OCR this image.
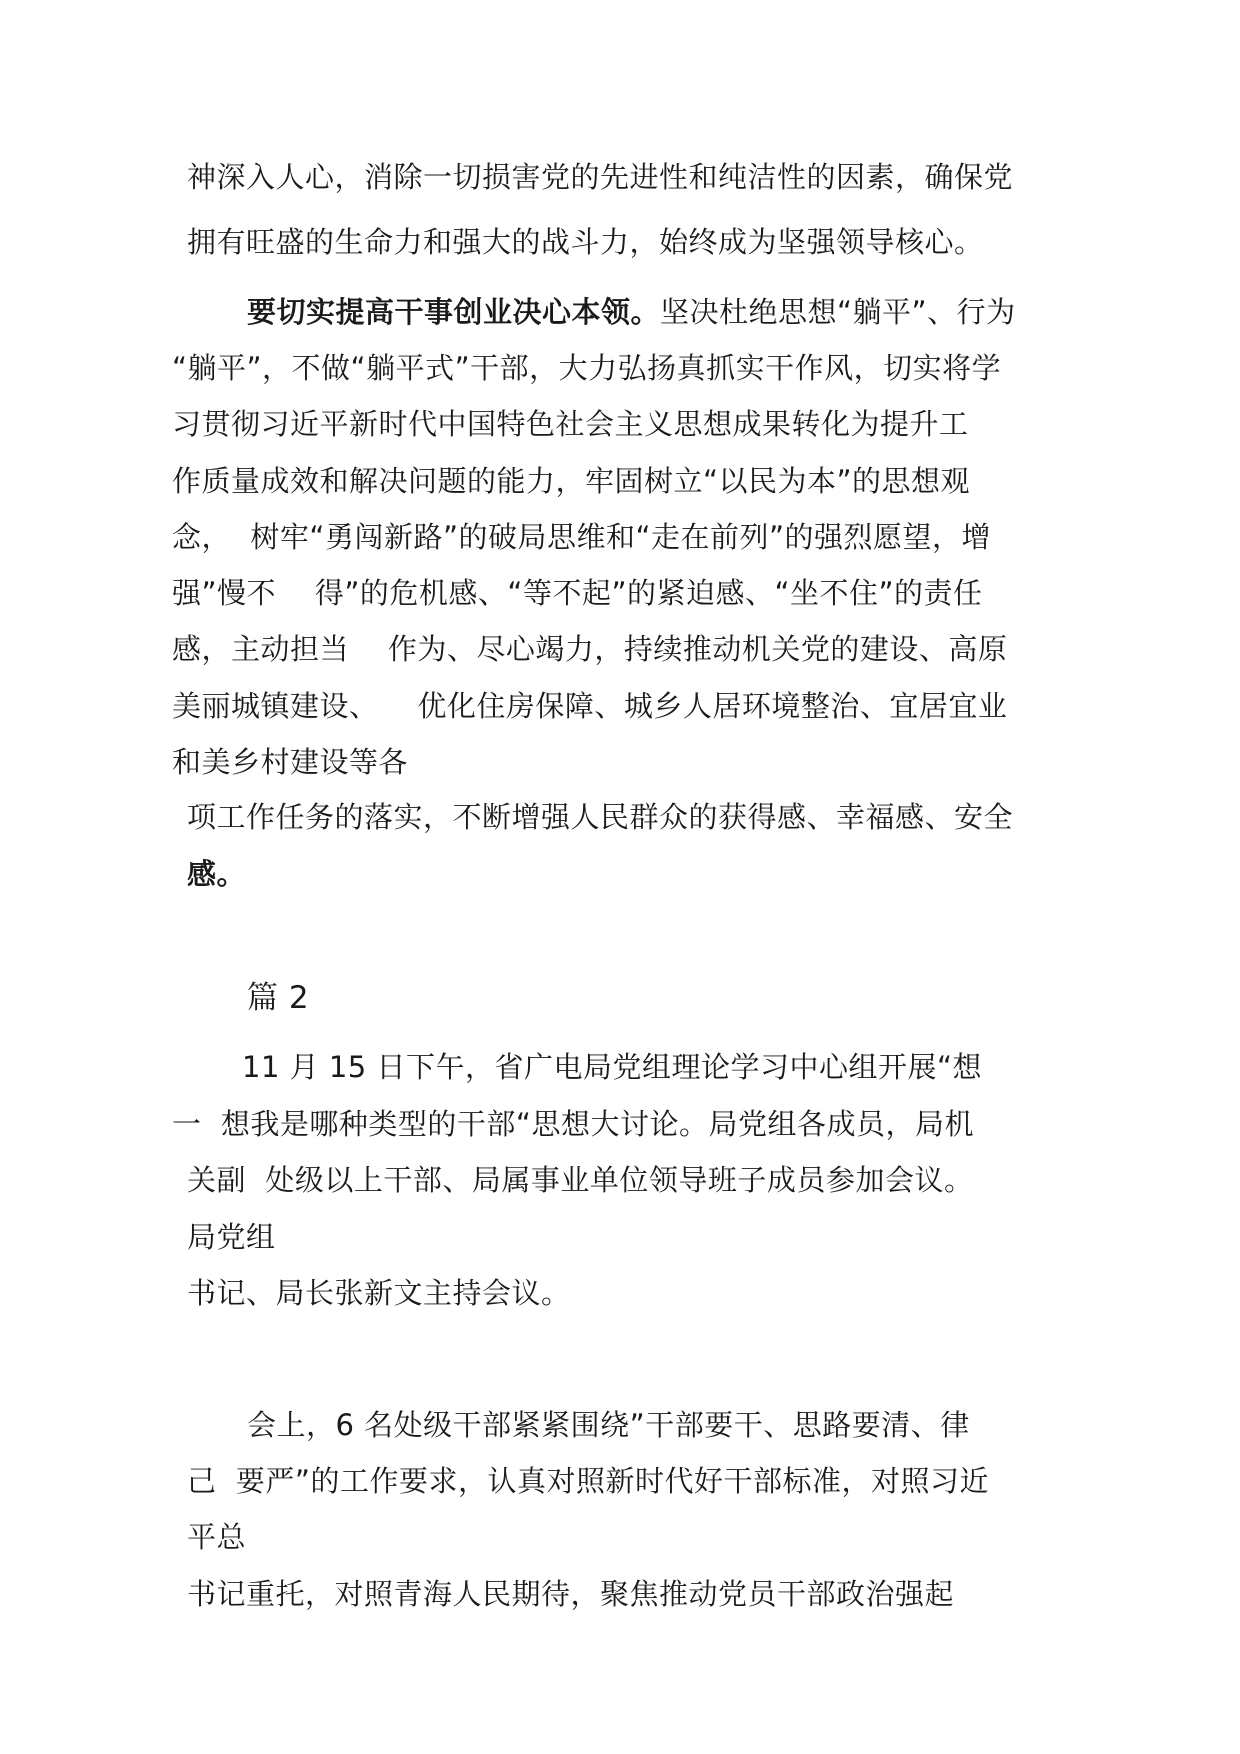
神深入人心，消除一切损害党的先进性和纯洁性的因素，确保党
拥有旺盛的生命力和强大的战斗力，始终成为坚强领导核心。
要切实提高干事创业决心本领。坚决杜绝思想“躺平”、行为
“躺平”，不做“躺平式”干部，大力弘扬真抓实干作风，切实将学
习贯彻习近平新时代中国特色社会主义思想成果转化为提升工
作质量成效和解决问题的能力，牢固树立“以民为本”的思想观
念，  树牢“勇闯新路”的破局思维和“走在前列”的强烈愿望，增
强”慢不    得”的危机感、“等不起”的紧迫感、“坐不住”的责任
感，主动担当    作为、尽心竭力，持续推动机关党的建设、高原
美丽城镇建设、    优化住房保障、城乡人居环境整治、宜居宜业
和美乡村建设等各
项工作任务的落实，不断增强人民群众的获得感、幸福感、安全
感。
篇 2
11 月 15 日下午，省广电局党组理论学习中心组开展“想
一  想我是哪种类型的干部“思想大讨论。局党组各成员，局机
关副  处级以上干部、局属事业单位领导班子成员参加会议。
局党组
书记、局长张新文主持会议。
会上，6 名处级干部紧紧围绕”干部要干、思路要清、律
己  要严”的工作要求，认真对照新时代好干部标准，对照习近
平总
书记重托，对照青海人民期待，聚焦推动党员干部政治强起
